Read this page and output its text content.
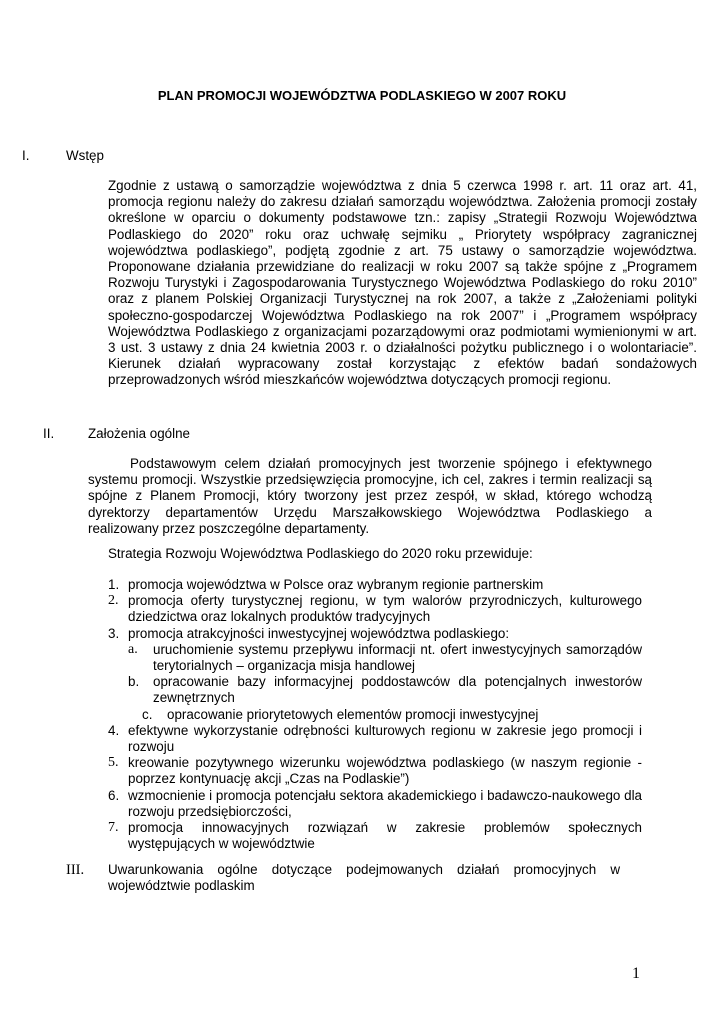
PLAN PROMOCJI WOJEWÓDZTWA PODLASKIEGO W 2007 ROKU
I.	Wstęp
Zgodnie z ustawą o samorządzie województwa z dnia 5 czerwca 1998 r. art. 11 oraz art. 41, promocja regionu należy do zakresu działań samorządu województwa. Założenia promocji zostały określone w oparciu o dokumenty podstawowe tzn.: zapisy „Strategii Rozwoju Województwa Podlaskiego do 2020” roku oraz uchwałę sejmiku „ Priorytety współpracy zagranicznej województwa podlaskiego”, podjętą zgodnie z art. 75 ustawy o samorządzie województwa. Proponowane działania przewidziane do realizacji w roku 2007 są także spójne z „Programem Rozwoju Turystyki i Zagospodarowania Turystycznego Województwa Podlaskiego do roku 2010” oraz z planem Polskiej Organizacji Turystycznej na rok 2007, a także z „Założeniami polityki społeczno-gospodarczej Województwa Podlaskiego na rok 2007” i „Programem współpracy Województwa Podlaskiego z organizacjami pozarządowymi oraz podmiotami wymienionymi w art. 3 ust. 3 ustawy z dnia 24 kwietnia 2003 r. o działalności pożytku publicznego i o wolontariacie”. Kierunek działań wypracowany został korzystając z efektów badań sondażowych przeprowadzonych wśród mieszkańców województwa dotyczących promocji regionu.
II.	Założenia ogólne
Podstawowym celem działań promocyjnych jest tworzenie spójnego i efektywnego systemu promocji. Wszystkie przedsięwzięcia promocyjne, ich cel, zakres i termin realizacji są spójne z Planem Promocji, który tworzony jest przez zespół, w skład, którego wchodzą dyrektorzy departamentów Urzędu Marszałkowskiego Województwa Podlaskiego a realizowany przez poszczególne departamenty.
Strategia Rozwoju Województwa Podlaskiego do 2020 roku przewiduje:
1. promocja województwa w Polsce oraz wybranym regionie partnerskim
2. promocja oferty turystycznej regionu, w tym walorów przyrodniczych, kulturowego dziedzictwa oraz lokalnych produktów tradycyjnych
3. promocja atrakcyjności inwestycyjnej województwa podlaskiego:
a. uruchomienie systemu przepływu informacji nt. ofert inwestycyjnych samorządów terytorialnych – organizacja misja handlowej
b. opracowanie bazy informacyjnej poddostawców dla potencjalnych inwestorów zewnętrznych
c. opracowanie priorytetowych elementów promocji inwestycyjnej
4. efektywne wykorzystanie odrębności kulturowych regionu w zakresie jego promocji i rozwoju
5. kreowanie pozytywnego wizerunku województwa podlaskiego (w naszym regionie - poprzez kontynuację akcji „Czas na Podlaskie”)
6. wzmocnienie i promocja potencjału sektora akademickiego i badawczo-naukowego dla rozwoju przedsiębiorczości,
7. promocja innowacyjnych rozwiązań w zakresie problemów społecznych występujących w województwie
III. Uwarunkowania ogólne dotyczące podejmowanych działań promocyjnych w województwie podlaskim
1
